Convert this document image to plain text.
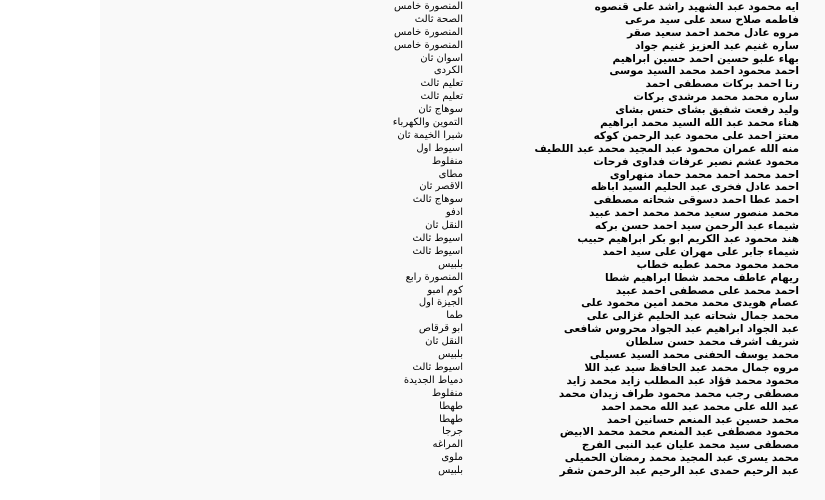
ايه محمود عبد الشهيد راشد على قنصوه
المنصورة خامس
فاطمه صلاح سعد على سيد مرعى
الصحة ثالث
مروه عادل محمد احمد سعيد صقر
المنصورة خامس
ساره غنيم عبد العزيز غنيم جواد
المنصورة خامس
بهاء علبو حسين احمد حسين ابراهيم
اسوان ثان
احمد محمود احمد محمد السيد موسى
الكردى
رنا احمد بركات مصطفى احمد
تعليم ثالث
ساره محمد محمد مرشدى بركات
تعليم ثالث
وليد رفعت شفيق بشاى حنس بشاى
سوهاج ثان
هناء محمد عبد الله السيد محمد ابراهيم
التموين والكهرباء
معتز احمد على محمود عبد الرحمن كوكه
شبرا الخيمة ثان
منه الله عمران محمود عبد المجيد محمد عبد اللطيف
اسيوط اول
محمود عشم نصير عرفات فداوى فرحات
منفلوط
احمد محمد احمد محمد حماد منهراوى
مطاى
احمد عادل فخرى عبد الحليم السيد اباظه
الاقصر ثان
احمد عطا احمد دسوقى شحاته مصطفى
سوهاج ثالث
محمد منصور سعيد محمد محمد احمد عبيد
ادفو
شيماء عبد الرحمن سيد احمد حسن بركه
النقل ثان
هند محمود عبد الكريم ابو بكر ابراهيم حبيب
اسيوط ثالث
شيماء جابر على مهران على سيد احمد
اسيوط ثالث
محمد محمود محمد عطيه خطاب
بلبيس
ريهام عاطف محمد شطا ابراهيم شطا
المنصورة رابع
احمد محمد على مصطفى احمد عبيد
كوم امبو
عصام هويدى محمد محمد امين محمود على
الجيزة اول
محمد جمال شحاته عبد الحليم غزالى على
طما
عبد الجواد ابراهيم عبد الجواد محروس شافعى
ابو قرقاص
شريف اشرف محمد حسن سلطان
النقل ثان
محمد يوسف الحفنى محمد السيد عسيلى
بلبيس
مروه جمال محمد عبد الحافظ سيد عبد اللا
اسيوط ثالث
محمود محمد فؤاد عبد المطلب زايد محمد زايد
دمياط الجديدة
مصطفى رجب محمد محمود طراف زيدان محمد
منفلوط
عبد الله على محمد عبد الله محمد احمد
طهطا
محمد حسين عبد المنعم حسانين احمد
طهطا
محمود مصطفى عبد المنعم محمد محمد الابيض
جرجا
مصطفى سيد محمد عليان عبد النبى الفرج
المراغه
محمد يسرى عبد المجيد محمد رمضان الحميلى
ملوى
عبد الرحيم حمدى عبد الرحيم عبد الرحمن شقر
بلبيس
